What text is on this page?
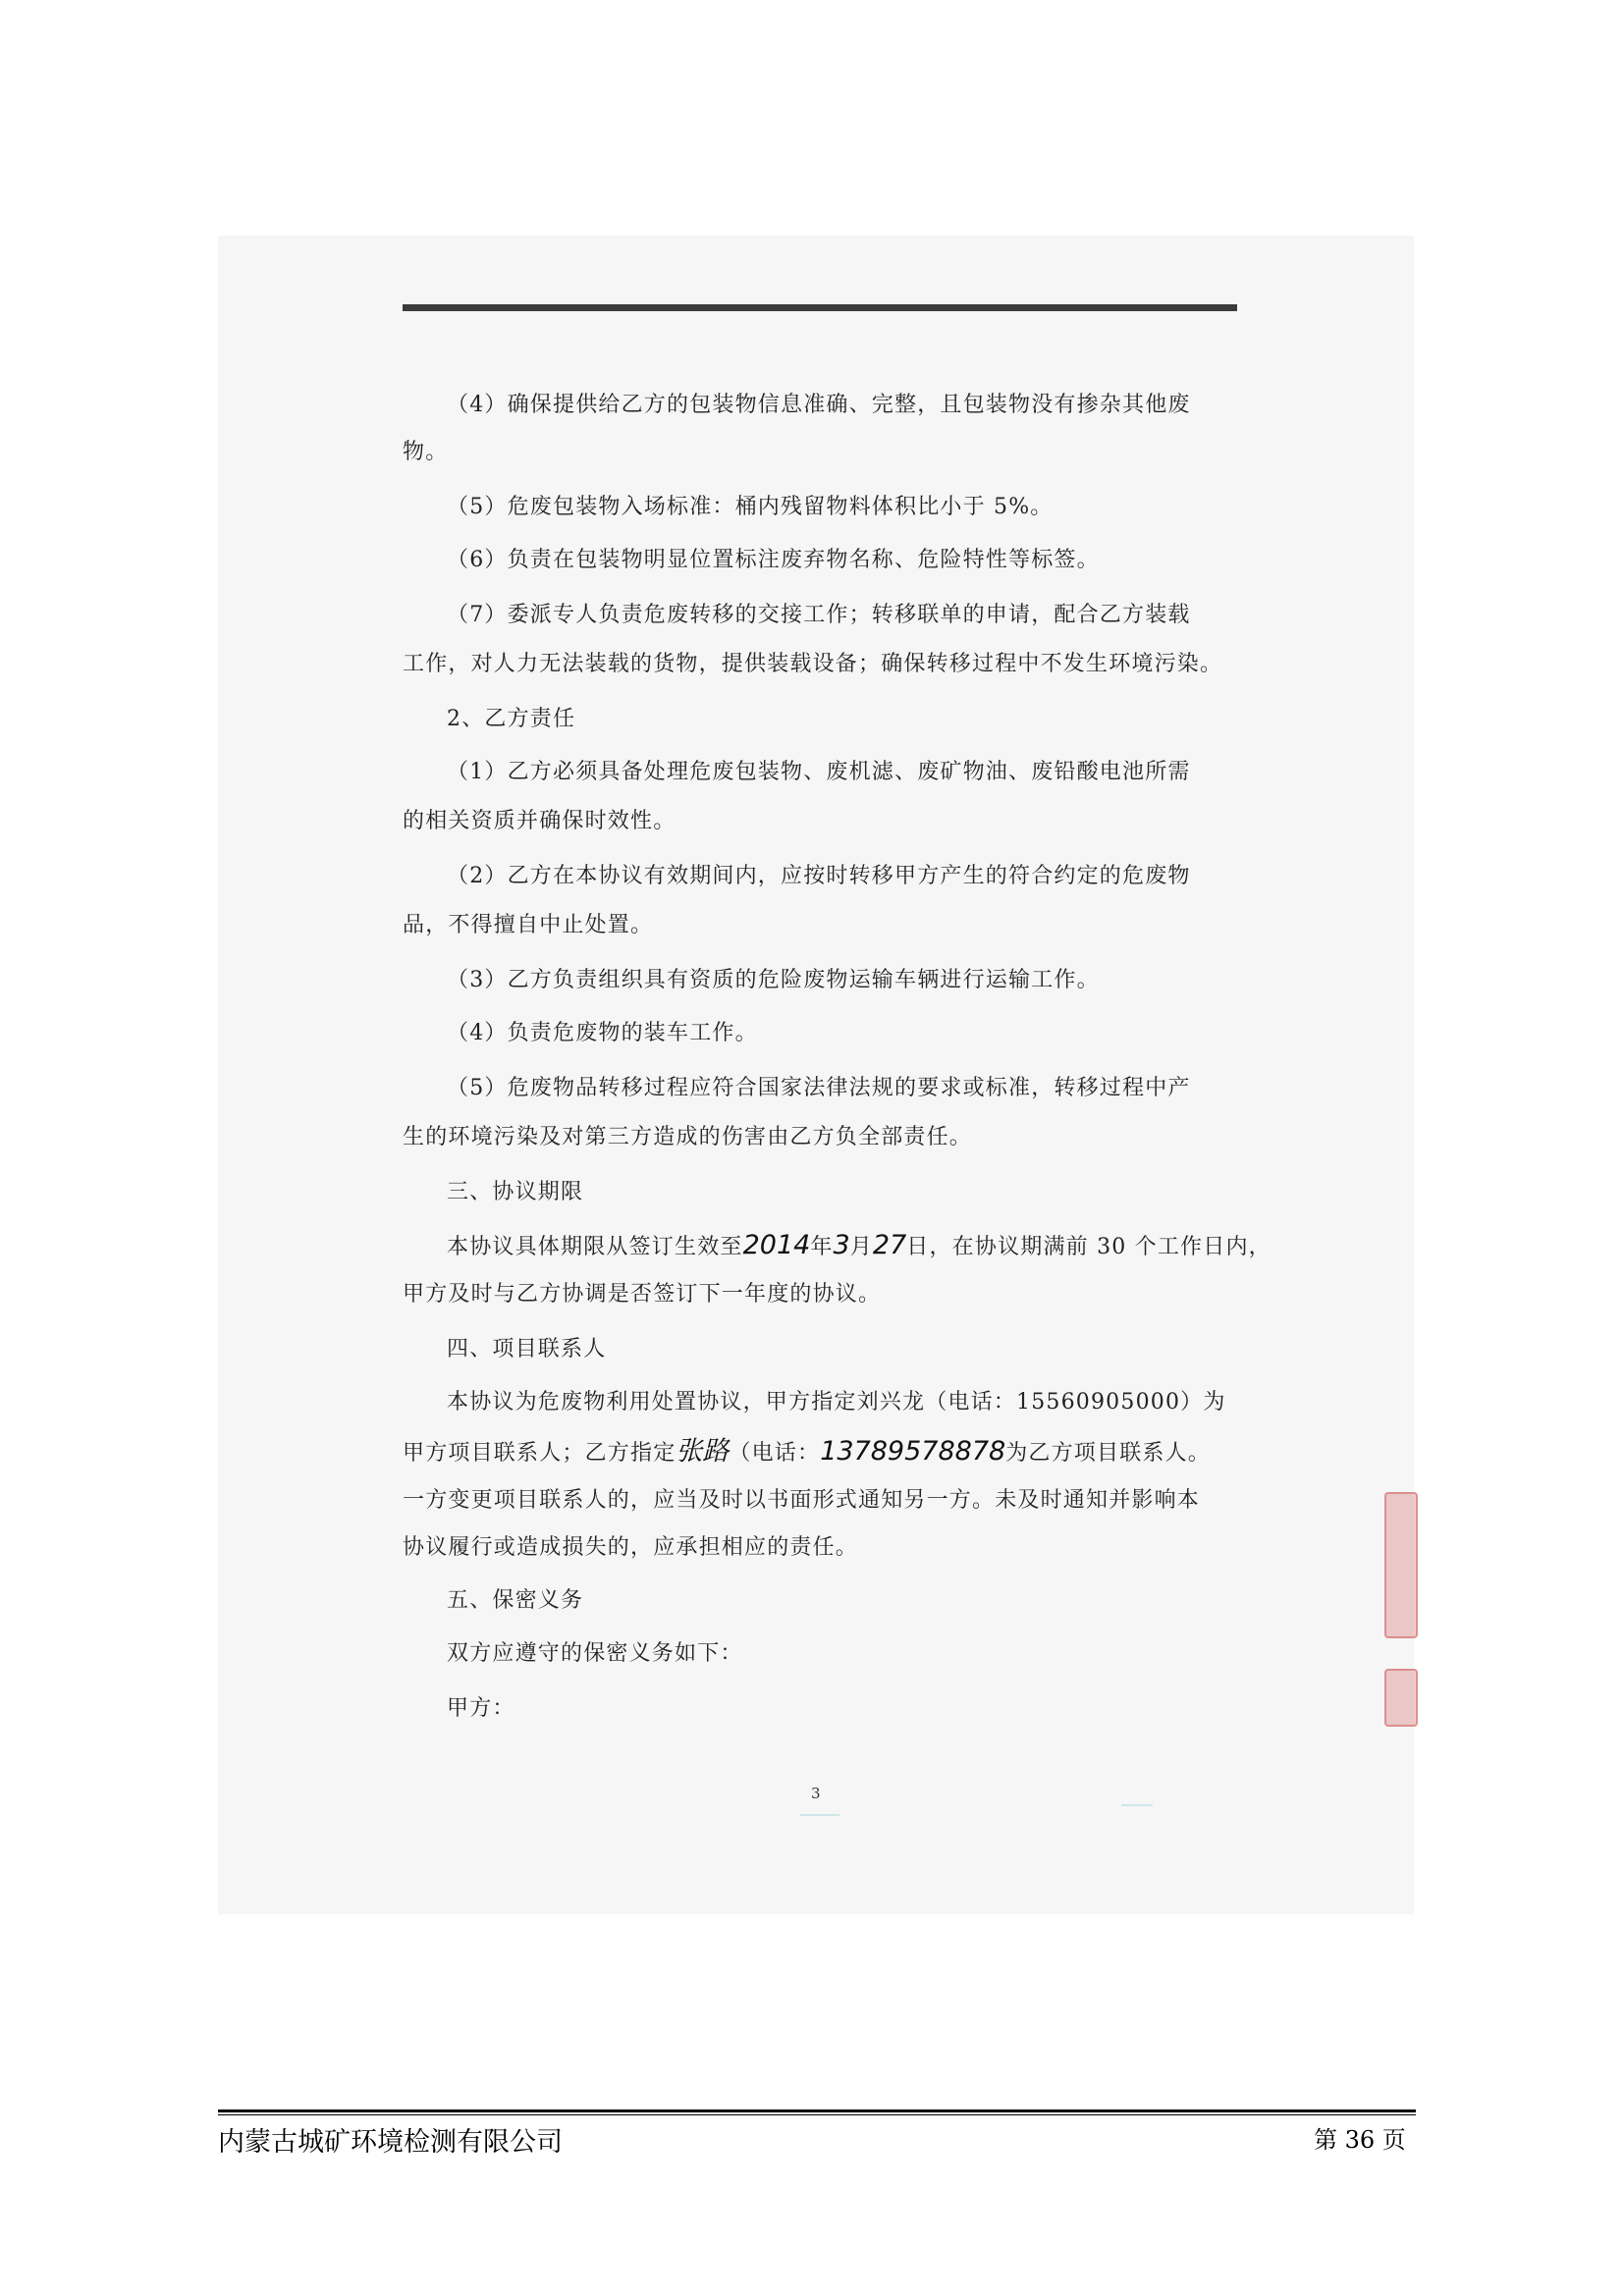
（4）确保提供给乙方的包装物信息准确、完整，且包装物没有掺杂其他废
物。
（5）危废包装物入场标准：桶内残留物料体积比小于 5%。
（6）负责在包装物明显位置标注废弃物名称、危险特性等标签。
（7）委派专人负责危废转移的交接工作；转移联单的申请，配合乙方装载
工作，对人力无法装载的货物，提供装载设备；确保转移过程中不发生环境污染。
2、乙方责任
（1）乙方必须具备处理危废包装物、废机滤、废矿物油、废铅酸电池所需
的相关资质并确保时效性。
（2）乙方在本协议有效期间内，应按时转移甲方产生的符合约定的危废物
品，不得擅自中止处置。
（3）乙方负责组织具有资质的危险废物运输车辆进行运输工作。
（4）负责危废物的装车工作。
（5）危废物品转移过程应符合国家法律法规的要求或标准，转移过程中产
生的环境污染及对第三方造成的伤害由乙方负全部责任。
三、协议期限
本协议具体期限从签订生效至2014年3月27日，在协议期满前 30 个工作日内，
甲方及时与乙方协调是否签订下一年度的协议。
四、项目联系人
本协议为危废物利用处置协议，甲方指定刘兴龙（电话：15560905000）为
甲方项目联系人；乙方指定张路（电话：13789578878为乙方项目联系人。
一方变更项目联系人的，应当及时以书面形式通知另一方。未及时通知并影响本
协议履行或造成损失的，应承担相应的责任。
五、保密义务
双方应遵守的保密义务如下：
甲方：
3
内蒙古城矿环境检测有限公司	第 36 页
